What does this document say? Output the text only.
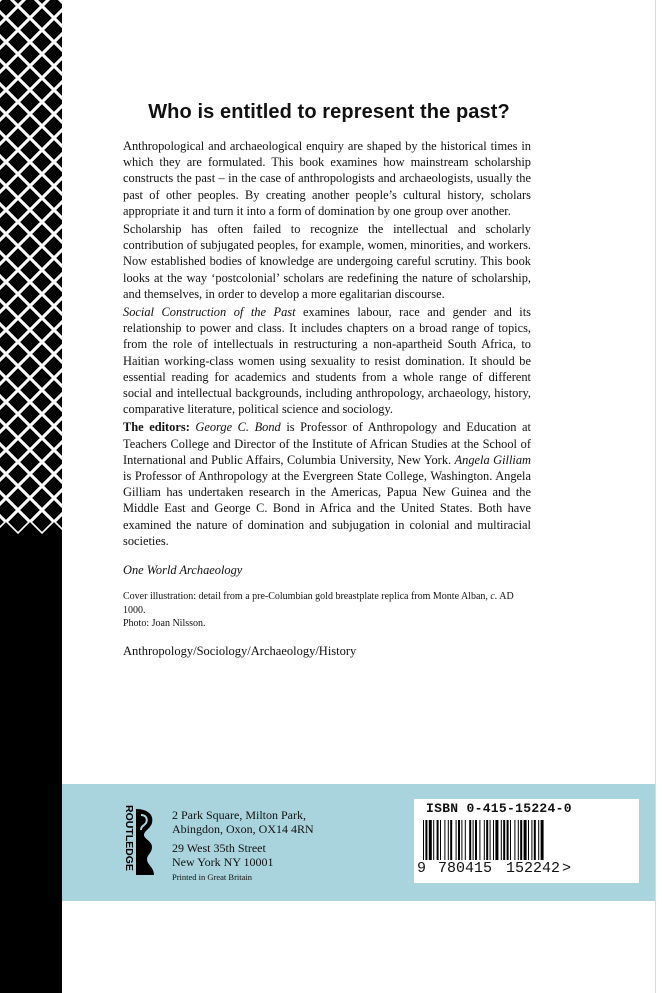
Who is entitled to represent the past?

Anthropological and archaeological enquiry are shaped by the historical times in which they are formulated. This book examines how mainstream scholarship constructs the past – in the case of anthropologists and archaeologists, usually the past of other peoples. By creating another people’s cultural history, scholars appropriate it and turn it into a form of domination by one group over another.

Scholarship has often failed to recognize the intellectual and scholarly contribution of subjugated peoples, for example, women, minorities, and workers. Now established bodies of knowledge are undergoing careful scrutiny. This book looks at the way ‘postcolonial’ scholars are redefining the nature of scholarship, and themselves, in order to develop a more egalitarian discourse.

Social Construction of the Past examines labour, race and gender and its relationship to power and class. It includes chapters on a broad range of topics, from the role of intellectuals in restructuring a non-apartheid South Africa, to Haitian working-class women using sexuality to resist domination. It should be essential reading for academics and students from a whole range of different social and intellectual backgrounds, including anthropology, archaeology, history, comparative literature, political science and sociology.

The editors: George C. Bond is Professor of Anthropology and Education at Teachers College and Director of the Institute of African Studies at the School of International and Public Affairs, Columbia University, New York. Angela Gilliam is Professor of Anthropology at the Evergreen State College, Washington. Angela Gilliam has undertaken research in the Americas, Papua New Guinea and the Middle East and George C. Bond in Africa and the United States. Both have examined the nature of domination and subjugation in colonial and multiracial societies.

One World Archaeology

Cover illustration: detail from a pre-Columbian gold breastplate replica from Monte Alban, c. AD 1000.
Photo: Joan Nilsson.

Anthropology/Sociology/Archaeology/History

ROUTLEDGE	2 Park Square, Milton Park,
Abingdon, Oxon, OX14 4RN
29 West 35th Street
New York NY 10001
Printed in Great Britain
ISBN 0-415-15224-0
9 780415 152242 >
